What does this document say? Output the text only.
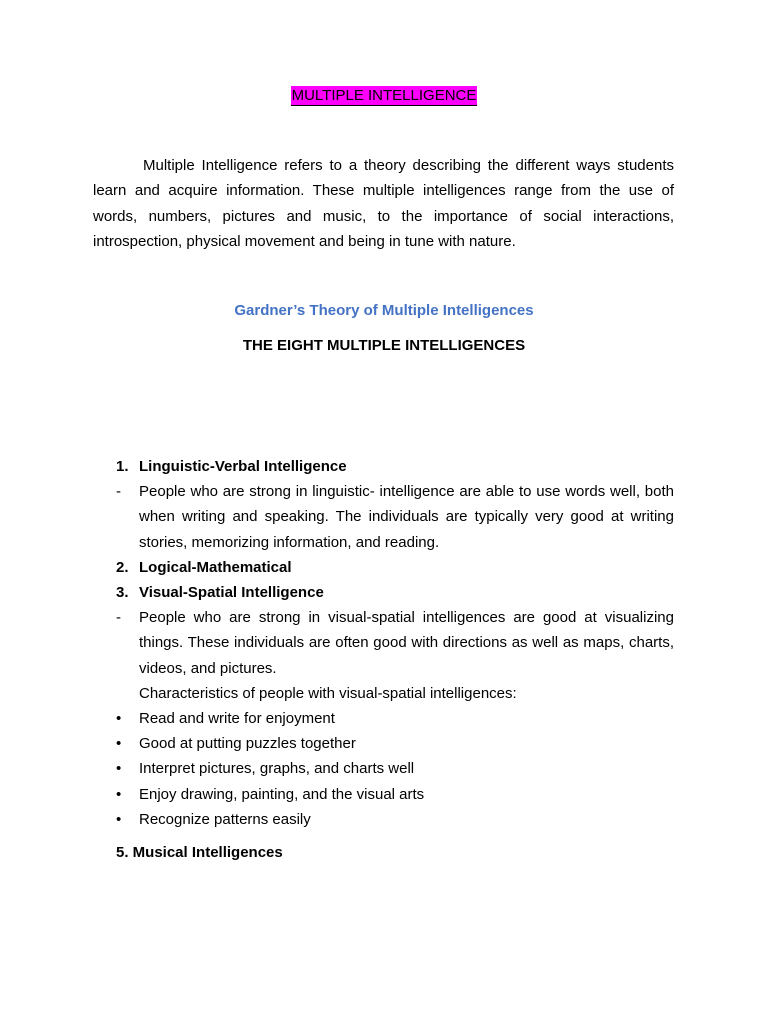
MULTIPLE INTELLIGENCE

Multiple Intelligence refers to a theory describing the different ways students learn and acquire information. These multiple intelligences range from the use of words, numbers, pictures and music, to the importance of social interactions, introspection, physical movement and being in tune with nature.

Gardner’s Theory of Multiple Intelligences

THE EIGHT MULTIPLE INTELLIGENCES

1. Linguistic-Verbal Intelligence
-	People who are strong in linguistic- intelligence are able to use words well, both when writing and speaking. The individuals are typically very good at writing stories, memorizing information, and reading.
2. Logical-Mathematical
3. Visual-Spatial Intelligence
-	People who are strong in visual-spatial intelligences are good at visualizing things. These individuals are often good with directions as well as maps, charts, videos, and pictures.
Characteristics of people with visual-spatial intelligences:
•	Read and write for enjoyment
•	Good at putting puzzles together
•	Interpret pictures, graphs, and charts well
•	Enjoy drawing, painting, and the visual arts
•	Recognize patterns easily

5. Musical Intelligences
